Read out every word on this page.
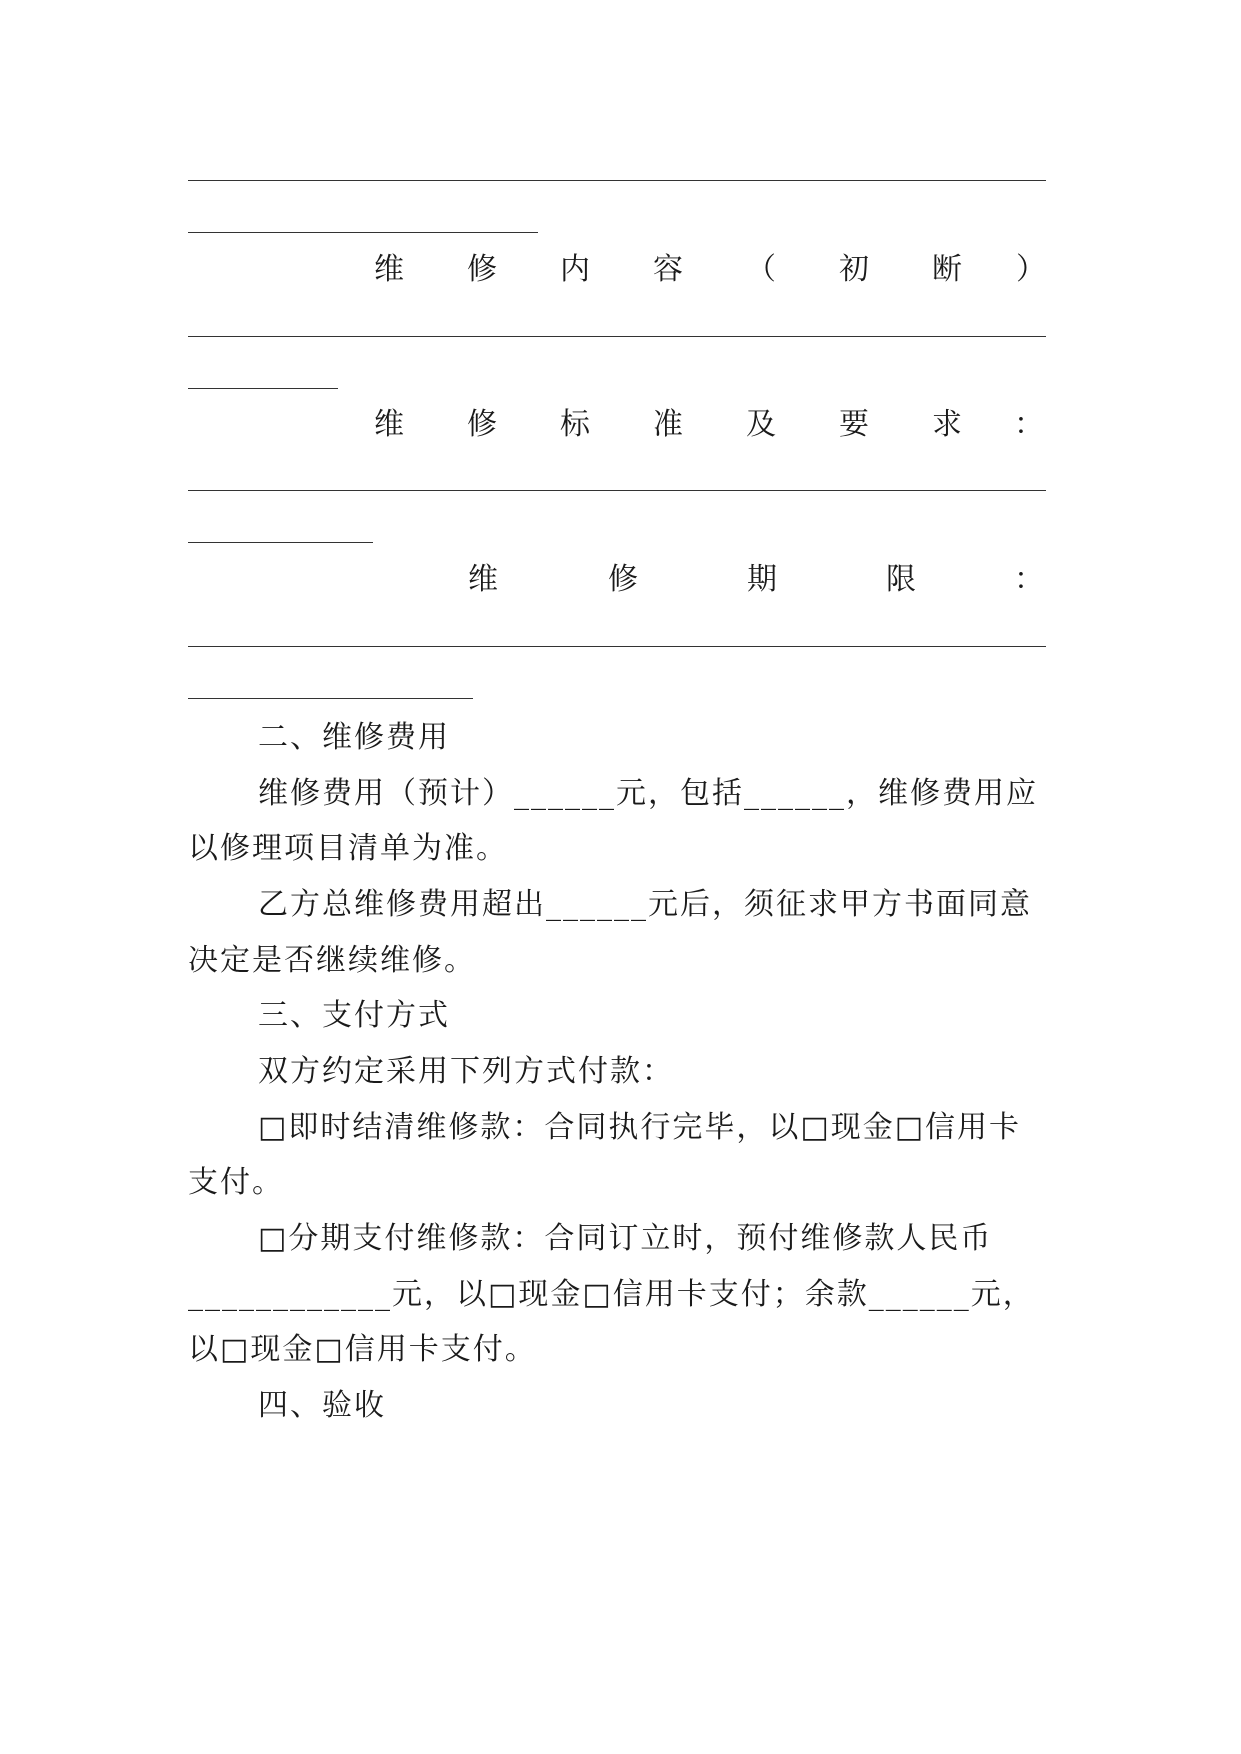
维 修 内 容 （ 初 断 ）
维 修 标 准 及 要 求 ：
维	修	期	限	：
二、维修费用
维修费用（预计）______元，包括______，维修费用应
以修理项目清单为准。
乙方总维修费用超出______元后，须征求甲方书面同意
决定是否继续维修。
三、支付方式
双方约定采用下列方式付款：
□即时结清维修款：合同执行完毕，以□现金□信用卡
支付。
□分期支付维修款：合同订立时，预付维修款人民币
____________元，以□现金□信用卡支付；余款______元，
以□现金□信用卡支付。
四、验收
